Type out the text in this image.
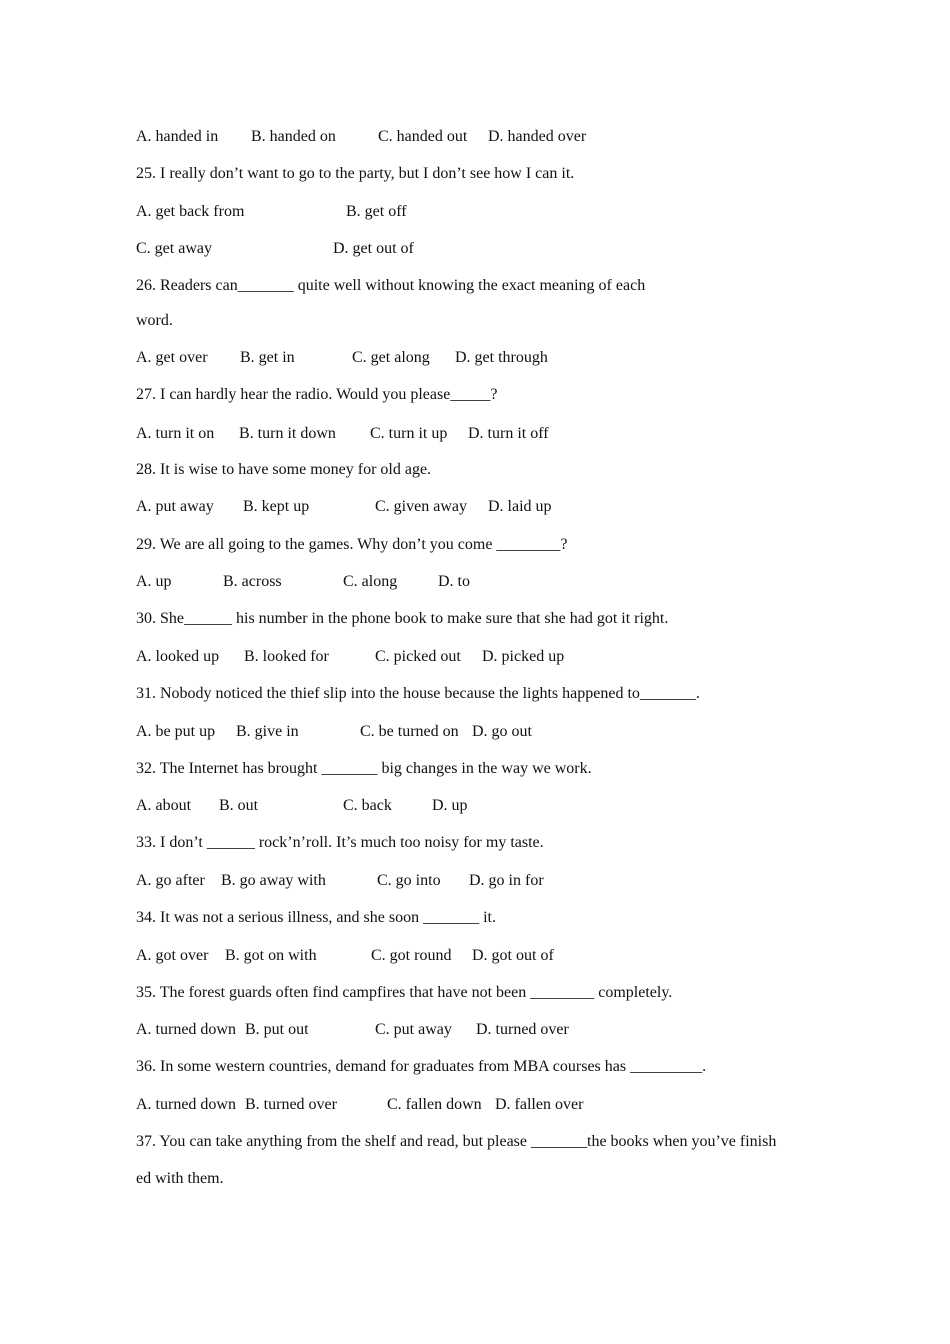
A. handed in B. handed on	C. handed out D. handed over
25. I really don’t want to go to the party, but I don’t see how I can it.
A. get back from	B. get off
C. get away	D. get out of
26. Readers can_______ quite well without knowing the exact meaning of each
word.
A. get over B. get in	C. get along D. get through
27. I can hardly hear the radio. Would you please_____?
A. turn it on B. turn it down C. turn it up D. turn it off
28. It is wise to have some money for old age.
A. put away B. kept up	C. given away D. laid up
29. We are all going to the games. Why don’t you come ________?
A. up	B. across	C. along	D. to
30. She______ his number in the phone book to make sure that she had got it right.
A. looked up B. looked for	C. picked out D. picked up
31. Nobody noticed the thief slip into the house because the lights happened to_______.
A. be put up B. give in	C. be turned on D. go out
32. The Internet has brought _______ big changes in the way we work.
A. about B. out	C. back	D. up
33. I don’t ______ rock’n’roll. It’s much too noisy for my taste.
A. go after B. go away with	C. go into D. go in for
34. It was not a serious illness, and she soon _______ it.
A. got over B. got on with	C. got round D. got out of
35. The forest guards often find campfires that have not been ________ completely.
A. turned down B. put out	C. put away D. turned over
36. In some western countries, demand for graduates from MBA courses has _________.
A. turned down B. turned over	C. fallen down D. fallen over
37. You can take anything from the shelf and read, but please _______the books when you’ve finish
ed with them.
